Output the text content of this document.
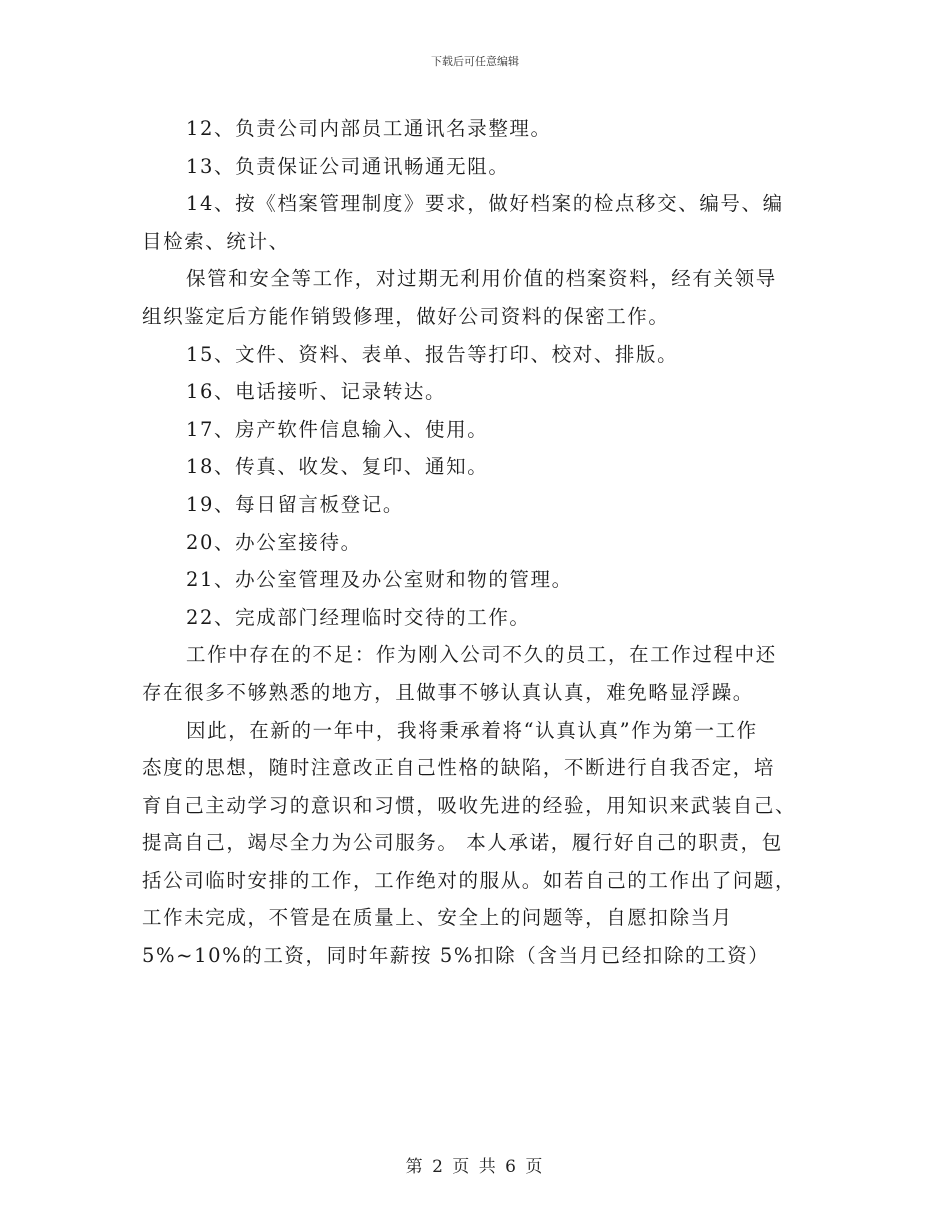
下载后可任意编辑

12、负责公司内部员工通讯名录整理。

13、负责保证公司通讯畅通无阻。

14、按《档案管理制度》要求，做好档案的检点移交、编号、编

目检索、统计、

保管和安全等工作，对过期无利用价值的档案资料，经有关领导

组织鉴定后方能作销毁修理，做好公司资料的保密工作。

15、文件、资料、表单、报告等打印、校对、排版。

16、电话接听、记录转达。

17、房产软件信息输入、使用。

18、传真、收发、复印、通知。

19、每日留言板登记。

20、办公室接待。

21、办公室管理及办公室财和物的管理。

22、完成部门经理临时交待的工作。

工作中存在的不足：作为刚入公司不久的员工，在工作过程中还

存在很多不够熟悉的地方，且做事不够认真认真，难免略显浮躁。

因此，在新的一年中，我将秉承着将“认真认真”作为第一工作

态度的思想，随时注意改正自己性格的缺陷，不断进行自我否定，培

育自己主动学习的意识和习惯，吸收先进的经验，用知识来武装自己、

提高自己，竭尽全力为公司服务。 本人承诺，履行好自己的职责，包

括公司临时安排的工作，工作绝对的服从。如若自己的工作出了问题，

工作未完成，不管是在质量上、安全上的问题等，自愿扣除当月

5%~10%的工资，同时年薪按 5%扣除（含当月已经扣除的工资）

第 2 页 共 6 页
